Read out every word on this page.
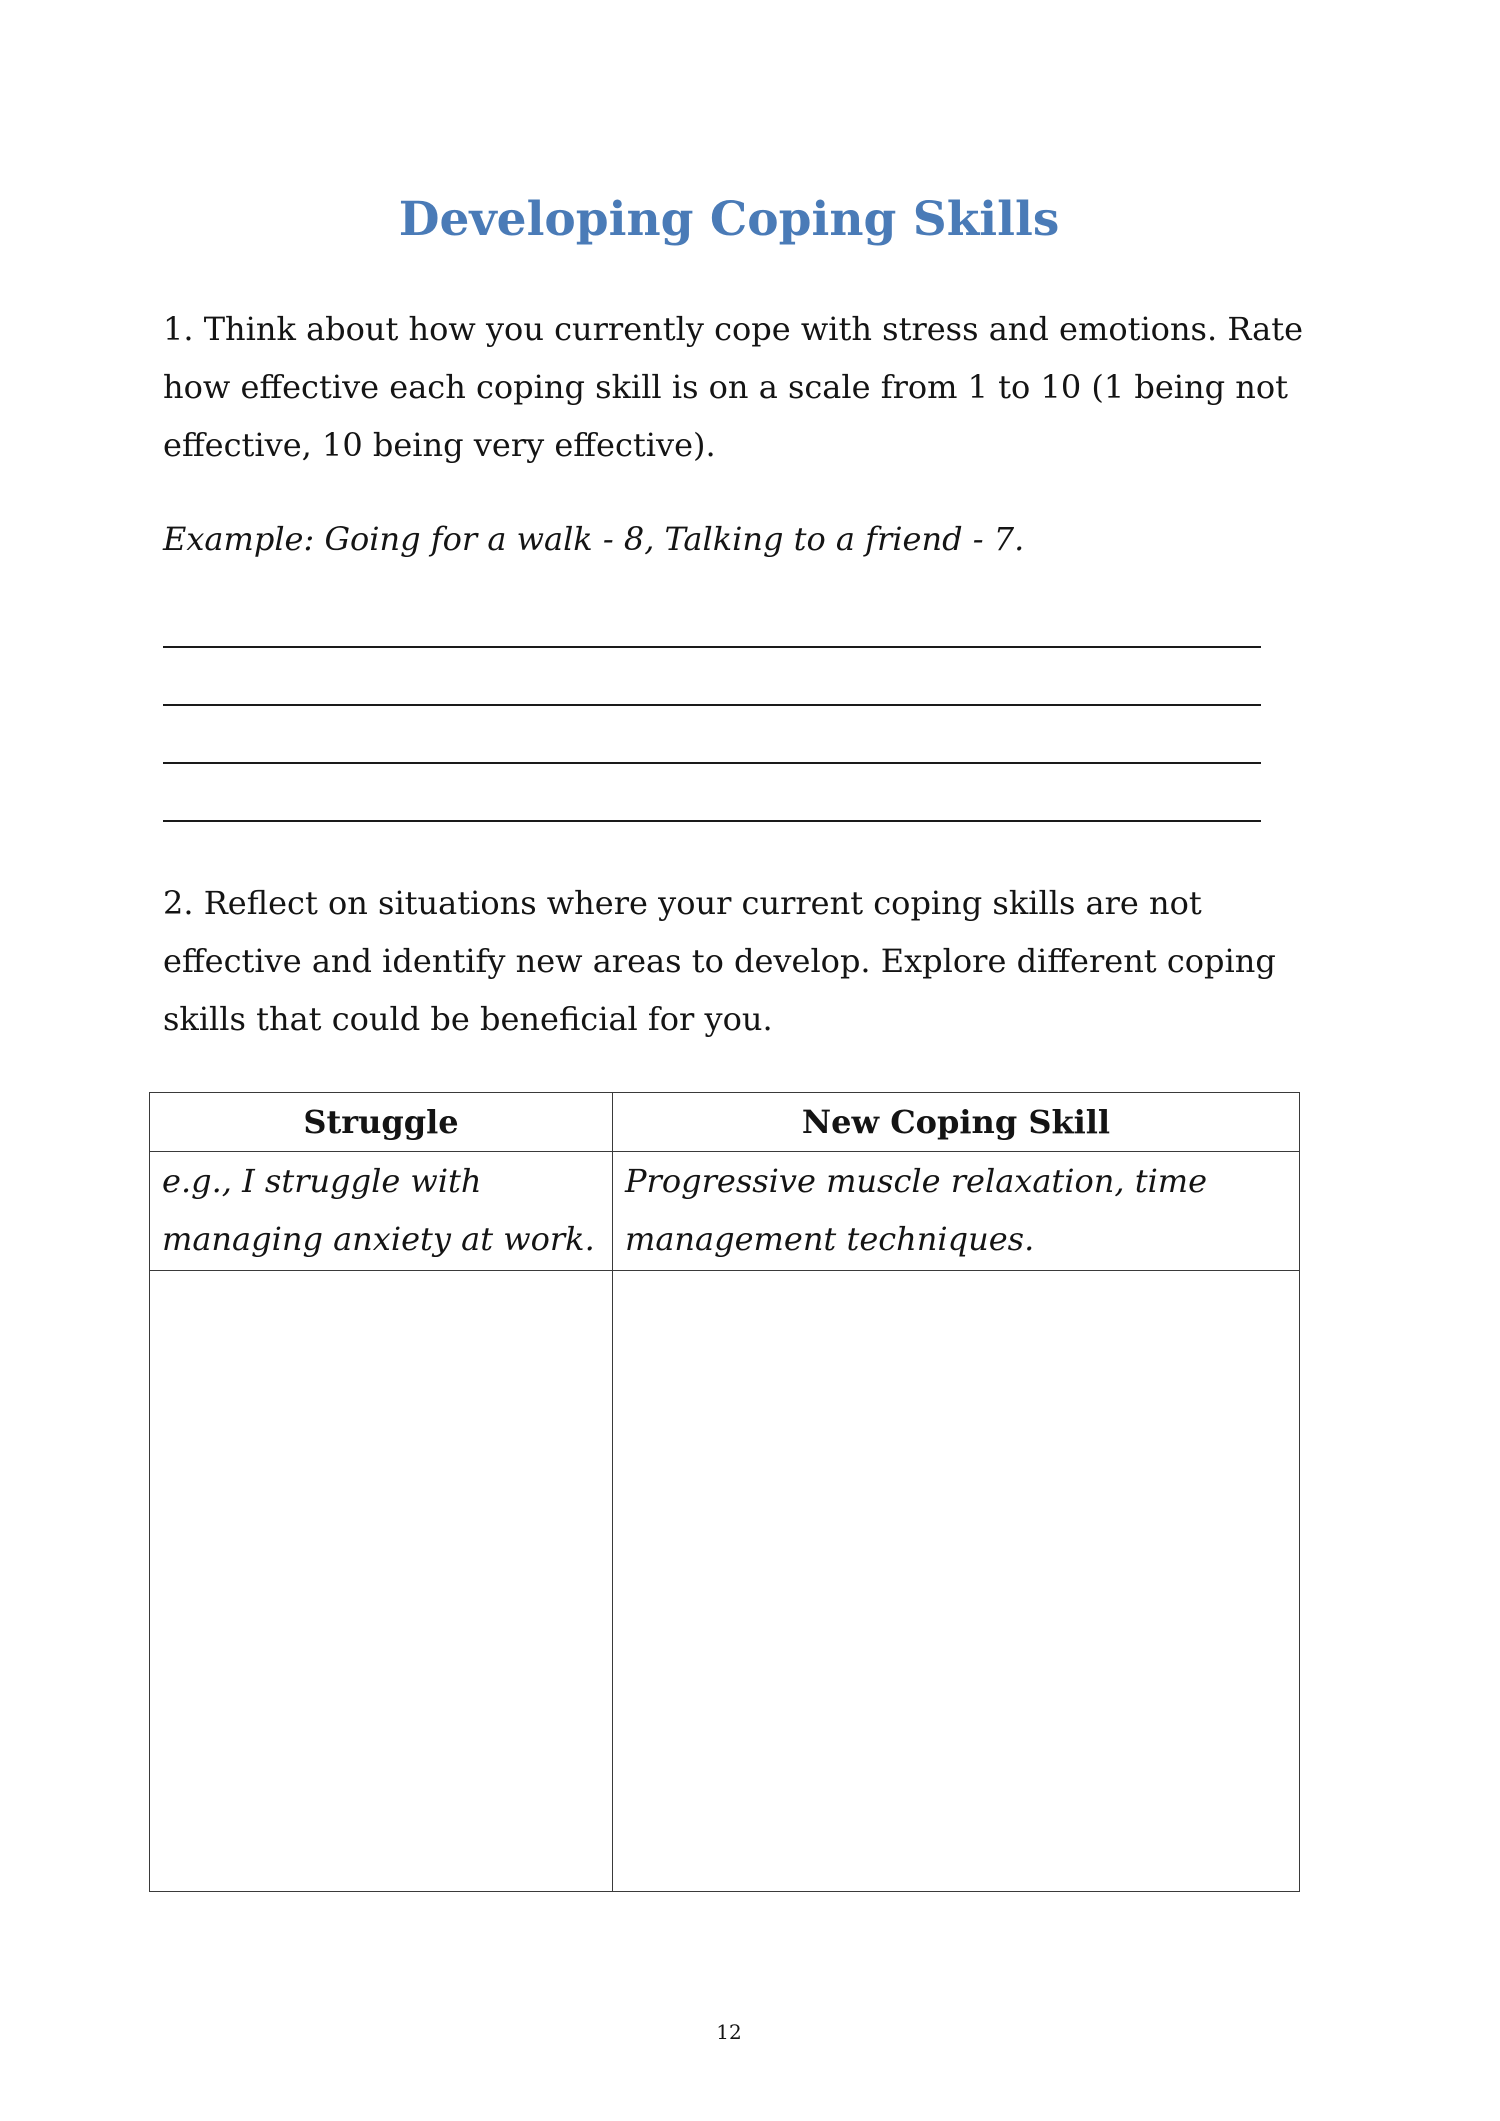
Developing Coping Skills

1. Think about how you currently cope with stress and emotions. Rate how effective each coping skill is on a scale from 1 to 10 (1 being not effective, 10 being very effective).

Example: Going for a walk - 8, Talking to a friend - 7.

2. Reflect on situations where your current coping skills are not effective and identify new areas to develop. Explore different coping skills that could be beneficial for you.

Struggle	New Coping Skill
e.g., I struggle with managing anxiety at work.	Progressive muscle relaxation, time management techniques.

12
